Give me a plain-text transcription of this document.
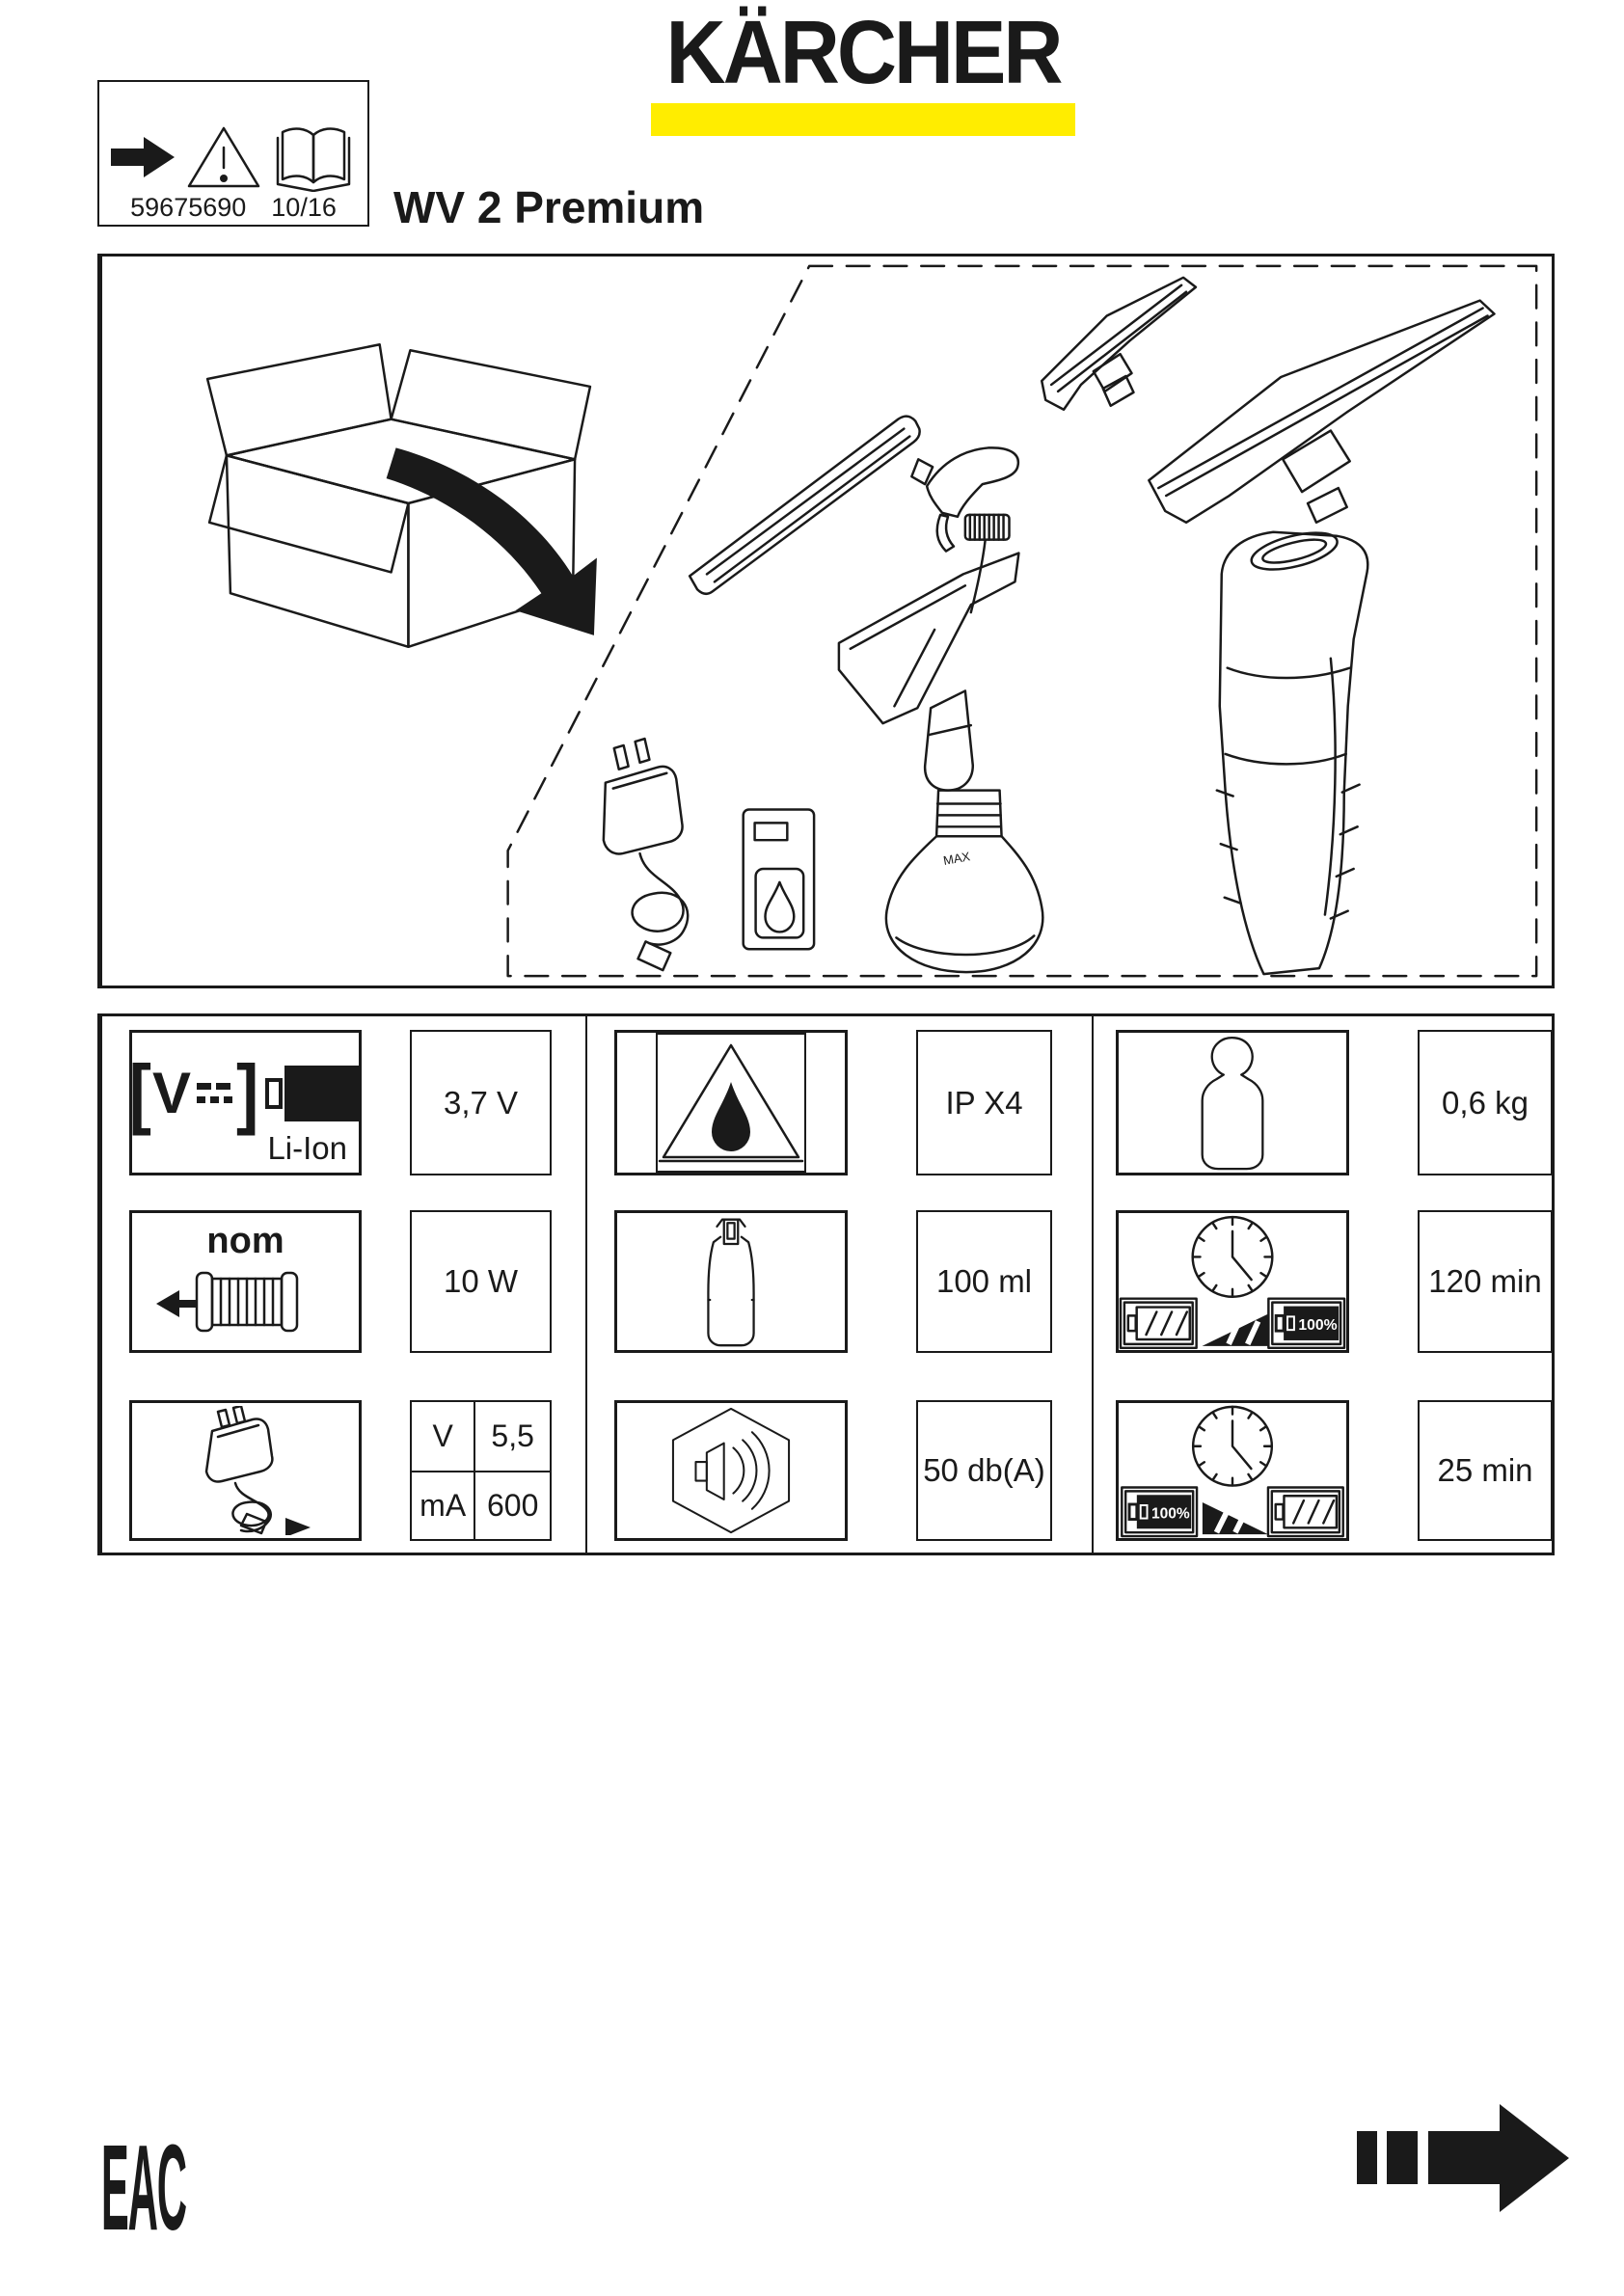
59675690 10/16
KÄRCHER
WV 2 Premium
MAX
[ V ]
Li-Ion
3,7 V
nom
10 W
V	5,5
mA 600
IP X4
100 ml
50 db(A)
0,6 kg
100%
120 min
100%
25 min
EAC
